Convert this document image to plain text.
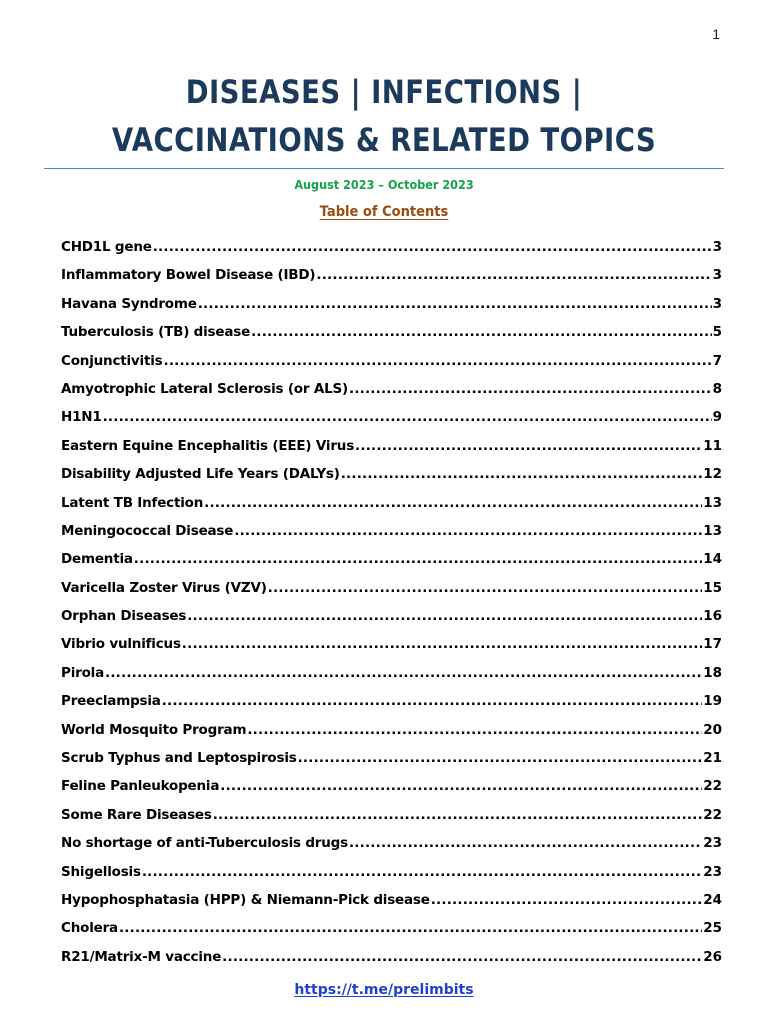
1
DISEASES | INFECTIONS |
VACCINATIONS & RELATED TOPICS
August 2023 – October 2023
Table of Contents
CHD1L gene .....	3
Inflammatory Bowel Disease (IBD) .....	3
Havana Syndrome .....	3
Tuberculosis (TB) disease .....	5
Conjunctivitis .....	7
Amyotrophic Lateral Sclerosis (or ALS) .....	8
H1N1 .....	9
Eastern Equine Encephalitis (EEE) Virus .....	11
Disability Adjusted Life Years (DALYs) .....	12
Latent TB Infection .....	13
Meningococcal Disease .....	13
Dementia .....	14
Varicella Zoster Virus (VZV) .....	15
Orphan Diseases .....	16
Vibrio vulnificus .....	17
Pirola .....	18
Preeclampsia .....	19
World Mosquito Program .....	20
Scrub Typhus and Leptospirosis .....	21
Feline Panleukopenia .....	22
Some Rare Diseases .....	22
No shortage of anti-Tuberculosis drugs .....	23
Shigellosis .....	23
Hypophosphatasia (HPP) & Niemann-Pick disease .....	24
Cholera .....	25
R21/Matrix-M vaccine .....	26
https://t.me/prelimbits
